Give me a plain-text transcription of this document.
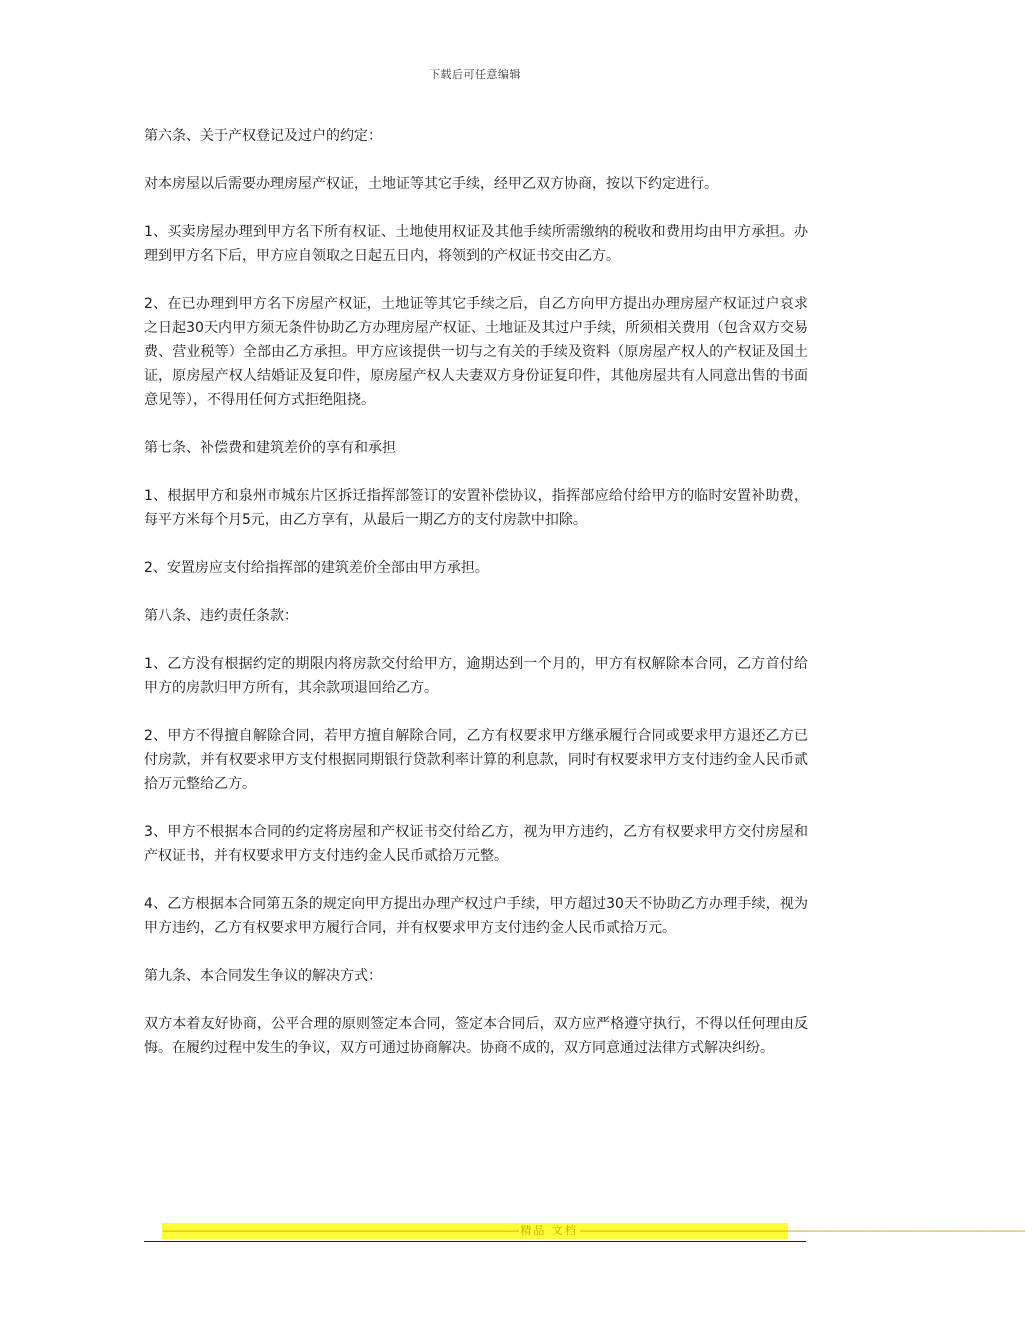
下载后可任意编辑

第六条、关于产权登记及过户的约定：

对本房屋以后需要办理房屋产权证，土地证等其它手续，经甲乙双方协商，按以下约定进行。

1、买卖房屋办理到甲方名下所有权证、土地使用权证及其他手续所需缴纳的税收和费用均由甲方承担。办理到甲方名下后，甲方应自领取之日起五日内，将领到的产权证书交由乙方。

2、在已办理到甲方名下房屋产权证，土地证等其它手续之后，自乙方向甲方提出办理房屋产权证过户哀求之日起30天内甲方须无条件协助乙方办理房屋产权证、土地证及其过户手续，所须相关费用（包含双方交易费、营业税等）全部由乙方承担。甲方应该提供一切与之有关的手续及资料（原房屋产权人的产权证及国土证，原房屋产权人结婚证及复印件，原房屋产权人夫妻双方身份证复印件，其他房屋共有人同意出售的书面意见等），不得用任何方式拒绝阻挠。

第七条、补偿费和建筑差价的享有和承担

1、根据甲方和泉州市城东片区拆迁指挥部签订的安置补偿协议，指挥部应给付给甲方的临时安置补助费，每平方米每个月5元，由乙方享有，从最后一期乙方的支付房款中扣除。

2、安置房应支付给指挥部的建筑差价全部由甲方承担。

第八条、违约责任条款：

1、乙方没有根据约定的期限内将房款交付给甲方，逾期达到一个月的，甲方有权解除本合同，乙方首付给甲方的房款归甲方所有，其余款项退回给乙方。

2、甲方不得擅自解除合同，若甲方擅自解除合同，乙方有权要求甲方继承履行合同或要求甲方退还乙方已付房款，并有权要求甲方支付根据同期银行贷款利率计算的利息款，同时有权要求甲方支付违约金人民币贰拾万元整给乙方。

3、甲方不根据本合同的约定将房屋和产权证书交付给乙方，视为甲方违约，乙方有权要求甲方交付房屋和产权证书，并有权要求甲方支付违约金人民币贰拾万元整。

4、乙方根据本合同第五条的规定向甲方提出办理产权过户手续，甲方超过30天不协助乙方办理手续，视为甲方违约，乙方有权要求甲方履行合同，并有权要求甲方支付违约金人民币贰拾万元。

第九条、本合同发生争议的解决方式：

双方本着友好协商，公平合理的原则签定本合同，签定本合同后，双方应严格遵守执行，不得以任何理由反悔。在履约过程中发生的争议，双方可通过协商解决。协商不成的，双方同意通过法律方式解决纠纷。

------------------------------------------------------------------------------------------------------------------------ 精品 文档 ------------------------------------------------------------------------------------------------------------------------------------------------------
